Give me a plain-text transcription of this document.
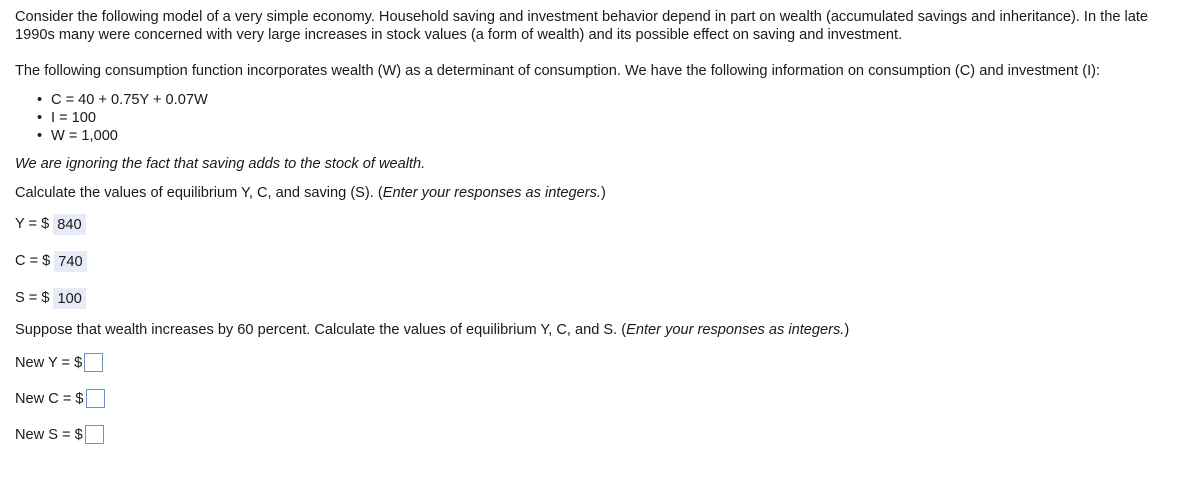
Consider the following model of a very simple economy. Household saving and investment behavior depend in part on wealth (accumulated savings and inheritance). In the late 1990s many were concerned with very large increases in stock values (a form of wealth) and its possible effect on saving and investment.

The following consumption function incorporates wealth (W) as a determinant of consumption. We have the following information on consumption (C) and investment (I):

• C = 40 + 0.75Y + 0.07W
• I = 100
• W = 1,000

We are ignoring the fact that saving adds to the stock of wealth.

Calculate the values of equilibrium Y, C, and saving (S). (Enter your responses as integers.)

Y = $ 840
C = $ 740
S = $ 100

Suppose that wealth increases by 60 percent. Calculate the values of equilibrium Y, C, and S. (Enter your responses as integers.)

New Y = $
New C = $
New S = $
